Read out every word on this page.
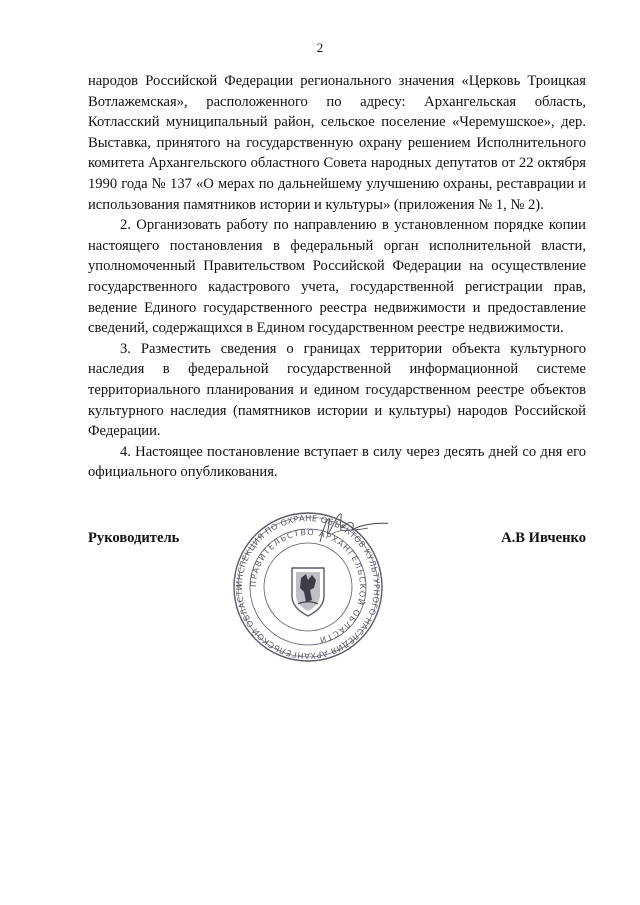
2

народов Российской Федерации регионального значения «Церковь Троицкая Вотлажемская», расположенного по адресу: Архангельская область, Котласский муниципальный район, сельское поселение «Черемушское», дер. Выставка, принятого на государственную охрану решением Исполнительного комитета Архангельского областного Совета народных депутатов от 22 октября 1990 года № 137 «О мерах по дальнейшему улучшению охраны, реставрации и использования памятников истории и культуры» (приложения № 1, № 2).

2. Организовать работу по направлению в установленном порядке копии настоящего постановления в федеральный орган исполнительной власти, уполномоченный Правительством Российской Федерации на осуществление государственного кадастрового учета, государственной регистрации прав, ведение Единого государственного реестра недвижимости и предоставление сведений, содержащихся в Едином государственном реестре недвижимости.

3. Разместить сведения о границах территории объекта культурного наследия в федеральной государственной информационной системе территориального планирования и едином государственном реестре объектов культурного наследия (памятников истории и культуры) народов Российской Федерации.

4. Настоящее постановление вступает в силу через десять дней со дня его официального опубликования.

ИНСПЕКЦИЯ ПО ОХРАНЕ ОБЪЕКТОВ КУЛЬТУРНОГО НАСЛЕДИЯ АРХАНГЕЛЬСКОЙ ОБЛАСТИ ПРАВИТЕЛЬСТВО АРХАНГЕЛЬСКОЙ ОБЛАСТИ
Руководитель	А.В Ивченко
